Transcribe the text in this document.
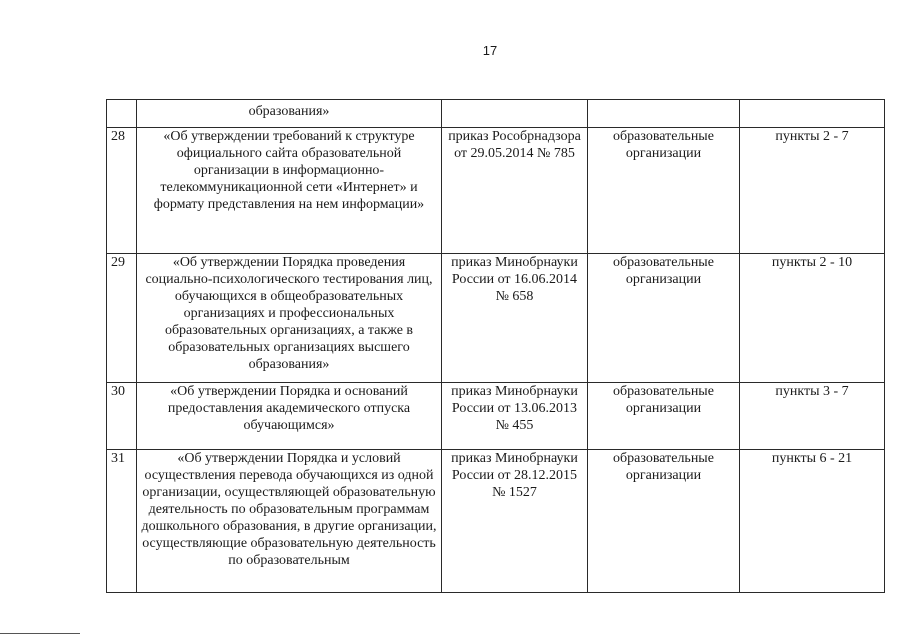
17
	образования»			
28	«Об утверждении требований к структуре официального сайта образовательной организации в информационно-телекоммуникационной сети «Интернет» и формату представления на нем информации»	приказ Рособрнадзора от 29.05.2014 № 785	образовательные организации	пункты 2 - 7
29	«Об утверждении Порядка проведения социально-психологического тестирования лиц, обучающихся в общеобразовательных организациях и профессиональных образовательных организациях, а также в образовательных организациях высшего образования»	приказ Минобрнауки России от 16.06.2014 № 658	образовательные организации	пункты 2 - 10
30	«Об утверждении Порядка и оснований предоставления академического отпуска обучающимся»	приказ Минобрнауки России от 13.06.2013 № 455	образовательные организации	пункты 3 - 7
31	«Об утверждении Порядка и условий осуществления перевода обучающихся из одной организации, осуществляющей образовательную деятельность по образовательным программам дошкольного образования, в другие организации, осуществляющие образовательную деятельность по образовательным	приказ Минобрнауки России от 28.12.2015 № 1527	образовательные организации	пункты 6 - 21
